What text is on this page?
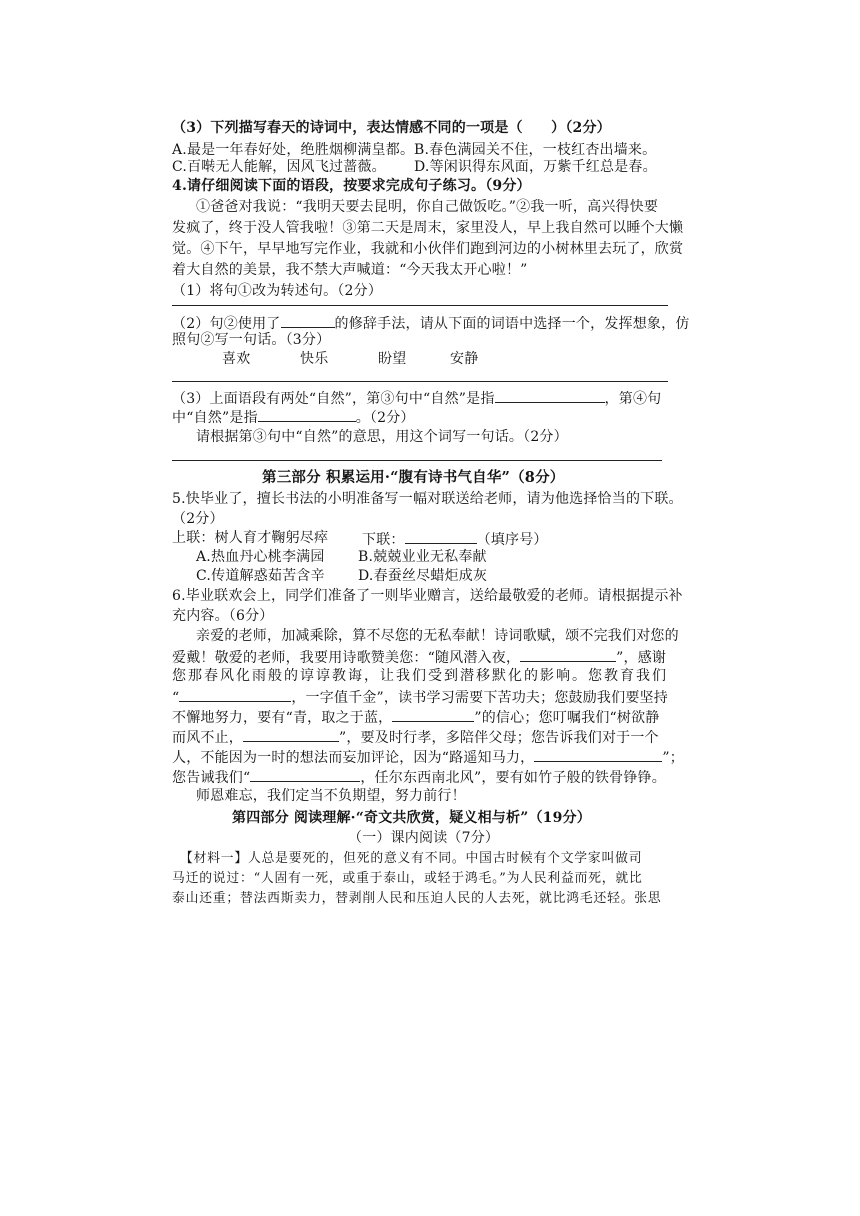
（3）下列描写春天的诗词中，表达情感不同的一项是（　　）（2分）
A.最是一年春好处，绝胜烟柳满皇都。 B.春色满园关不住，一枝红杏出墙来。
C.百啭无人能解，因风飞过蔷薇。 D.等闲识得东风面，万紫千红总是春。
4.请仔细阅读下面的语段，按要求完成句子练习。（9分）
①爸爸对我说：“我明天要去昆明，你自己做饭吃。”②我一听，高兴得快要
发疯了，终于没人管我啦！③第二天是周末，家里没人，早上我自然可以睡个大懒
觉。④下午，早早地写完作业，我就和小伙伴们跑到河边的小树林里去玩了，欣赏
着大自然的美景，我不禁大声喊道：“今天我太开心啦！”
（1）将句①改为转述句。（2分）
（2）句②使用了	的修辞手法，请从下面的词语中选择一个，发挥想象，仿
照句②写一句话。（3分）
喜欢	快乐	盼望	安静
（3）上面语段有两处“自然”，第③句中“自然”是指	，第④句
中“自然”是指	。（2分）
请根据第③句中“自然”的意思，用这个词写一句话。（2分）
第三部分 积累运用·“腹有诗书气自华”（8分）
5.快毕业了，擅长书法的小明准备写一幅对联送给老师，请为他选择恰当的下联。
（2分）
上联：树人育才鞠躬尽瘁 下联：	（填序号）
A.热血丹心桃李满园 B.兢兢业业无私奉献
C.传道解惑茹苦含辛 D.春蚕丝尽蜡炬成灰
6.毕业联欢会上，同学们准备了一则毕业赠言，送给最敬爱的老师。请根据提示补
充内容。（6分）
亲爱的老师，加减乘除，算不尽您的无私奉献！诗词歌赋，颂不完我们对您的
爱戴！敬爱的老师，我要用诗歌赞美您：“随风潜入夜，	”，感谢
您那春风化雨般的谆谆教诲，让我们受到潜移默化的影响。您教育我们
“	，一字值千金”，读书学习需要下苦功夫；您鼓励我们要坚持
不懈地努力，要有“青，取之于蓝，	”的信心；您叮嘱我们“树欲静
而风不止，	”，要及时行孝，多陪伴父母；您告诉我们对于一个
人，不能因为一时的想法而妄加评论，因为“路遥知马力，	”；
您告诫我们“	，任尔东西南北风”，要有如竹子般的铁骨铮铮。
师恩难忘，我们定当不负期望，努力前行！
第四部分 阅读理解·“奇文共欣赏，疑义相与析”（19分）
（一）课内阅读（7分）
【材料一】人总是要死的，但死的意义有不同。中国古时候有个文学家叫做司
马迁的说过：“人固有一死，或重于泰山，或轻于鸿毛。”为人民利益而死，就比
泰山还重；替法西斯卖力，替剥削人民和压迫人民的人去死，就比鸿毛还轻。张思
